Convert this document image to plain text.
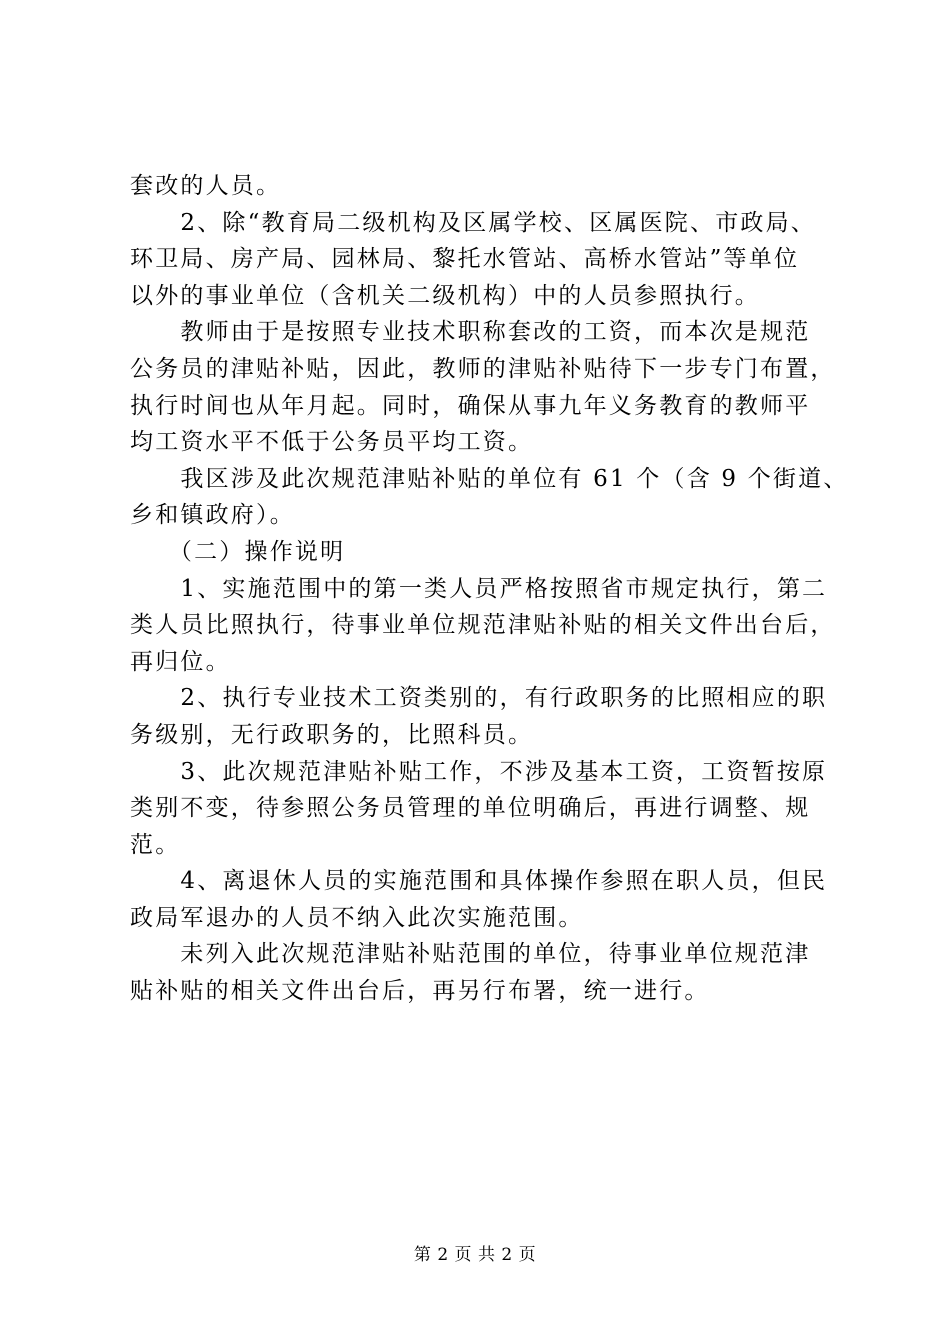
套改的人员。
　　2、除“教育局二级机构及区属学校、区属医院、市政局、
环卫局、房产局、园林局、黎托水管站、高桥水管站”等单位
以外的事业单位（含机关二级机构）中的人员参照执行。
　　教师由于是按照专业技术职称套改的工资，而本次是规范
公务员的津贴补贴，因此，教师的津贴补贴待下一步专门布置，
执行时间也从年月起。同时，确保从事九年义务教育的教师平
均工资水平不低于公务员平均工资。
　　我区涉及此次规范津贴补贴的单位有 61 个（含 9 个街道、
乡和镇政府）。
　　（二）操作说明
　　1、实施范围中的第一类人员严格按照省市规定执行，第二
类人员比照执行，待事业单位规范津贴补贴的相关文件出台后，
再归位。
　　2、执行专业技术工资类别的，有行政职务的比照相应的职
务级别，无行政职务的，比照科员。
　　3、此次规范津贴补贴工作，不涉及基本工资，工资暂按原
类别不变，待参照公务员管理的单位明确后，再进行调整、规
范。
　　4、离退休人员的实施范围和具体操作参照在职人员，但民
政局军退办的人员不纳入此次实施范围。
　　未列入此次规范津贴补贴范围的单位，待事业单位规范津
贴补贴的相关文件出台后，再另行布署，统一进行。
第 2 页 共 2 页
